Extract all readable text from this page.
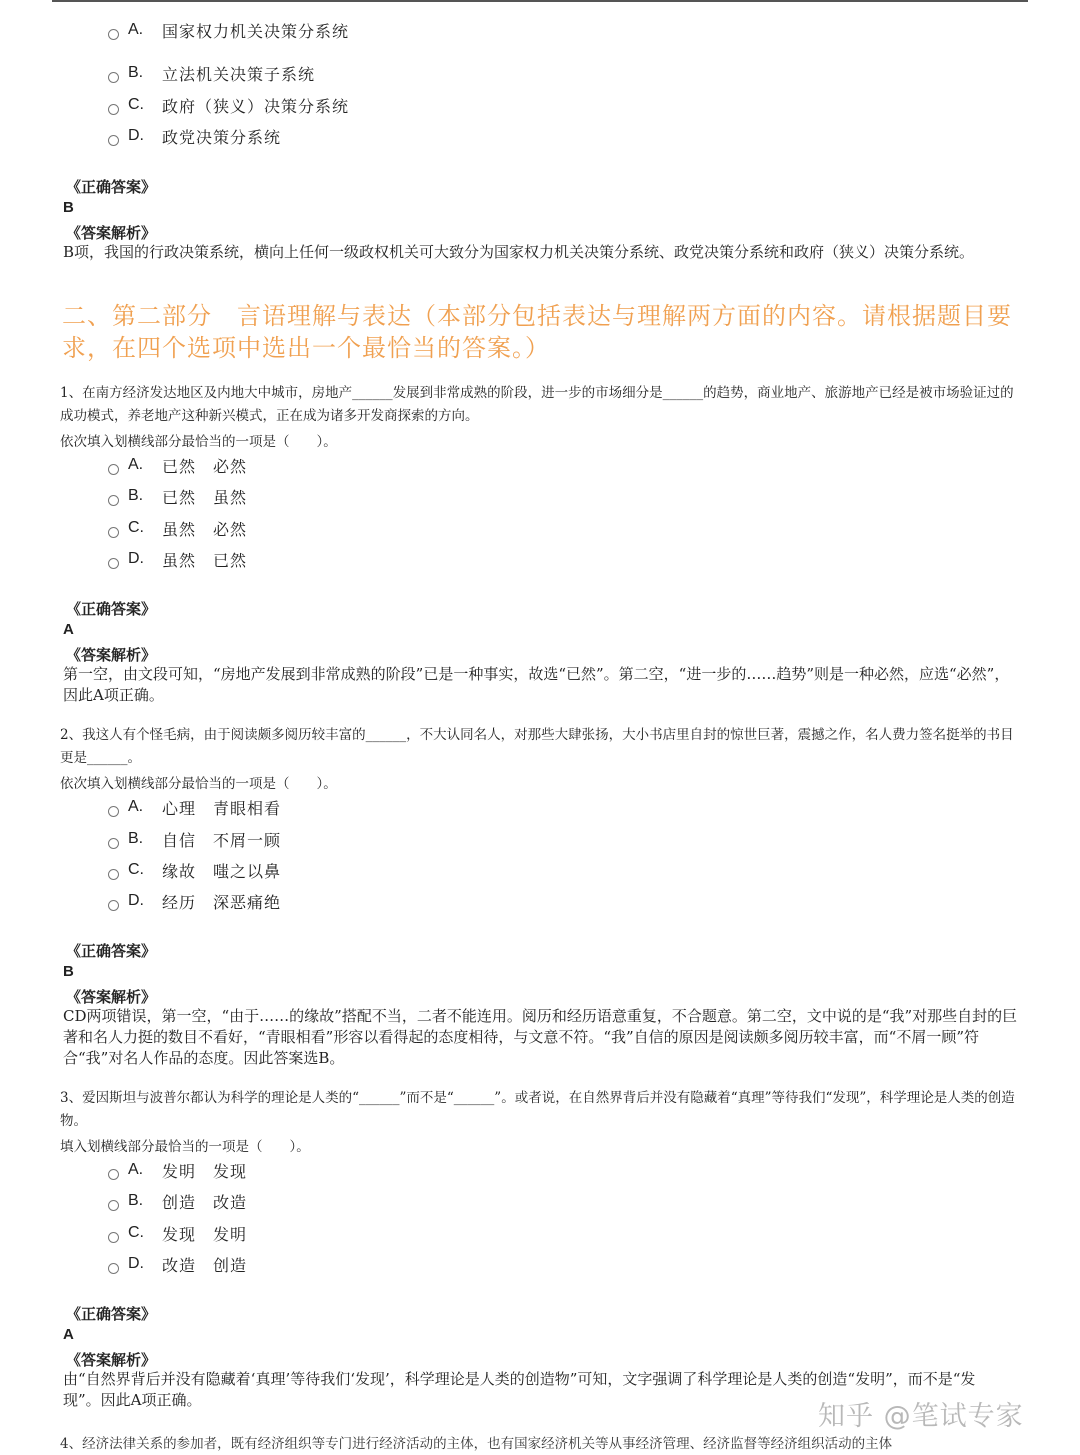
A.	国家权力机关决策分系统
B.	立法机关决策子系统
C.	政府（狭义）决策分系统
D.	政党决策分系统
《正确答案》
B
《答案解析》
B项，我国的行政决策系统，横向上任何一级政权机关可大致分为国家权力机关决策分系统、政党决策分系统和政府（狭义）决策分系统。
二、第二部分　言语理解与表达（本部分包括表达与理解两方面的内容。请根据题目要求，在四个选项中选出一个最恰当的答案。）
1、在南方经济发达地区及内地大中城市，房地产______发展到非常成熟的阶段，进一步的市场细分是______的趋势，商业地产、旅游地产已经是被市场验证过的成功模式，养老地产这种新兴模式，正在成为诸多开发商探索的方向。
依次填入划横线部分最恰当的一项是（　　）。
A.	已然　必然
B.	已然　虽然
C.	虽然　必然
D.	虽然　已然
《正确答案》
A
《答案解析》
第一空，由文段可知，“房地产发展到非常成熟的阶段”已是一种事实，故选“已然”。第二空，“进一步的……趋势”则是一种必然，应选“必然”，因此A项正确。
2、我这人有个怪毛病，由于阅读颇多阅历较丰富的______，不大认同名人，对那些大肆张扬，大小书店里自封的惊世巨著，震撼之作，名人费力签名挺举的书目更是______。
依次填入划横线部分最恰当的一项是（　　）。
A.	心理　青眼相看
B.	自信　不屑一顾
C.	缘故　嗤之以鼻
D.	经历　深恶痛绝
《正确答案》
B
《答案解析》
CD两项错误，第一空，“由于……的缘故”搭配不当，二者不能连用。阅历和经历语意重复，不合题意。第二空，文中说的是“我”对那些自封的巨著和名人力挺的数目不看好，“青眼相看”形容以看得起的态度相待，与文意不符。“我”自信的原因是阅读颇多阅历较丰富，而“不屑一顾”符合“我”对名人作品的态度。因此答案选B。
3、爱因斯坦与波普尔都认为科学的理论是人类的“______”而不是“______”。或者说，在自然界背后并没有隐藏着“真理”等待我们“发现”，科学理论是人类的创造物。
填入划横线部分最恰当的一项是（　　）。
A.	发明　发现
B.	创造　改造
C.	发现　发明
D.	改造　创造
《正确答案》
A
《答案解析》
由“自然界背后并没有隐藏着‘真理’等待我们‘发现’，科学理论是人类的创造物”可知，文字强调了科学理论是人类的创造“发明”，而不是“发现”。因此A项正确。
4、经济法律关系的参加者，既有经济组织等专门进行经济活动的主体，也有国家经济机关等从事经济管理、经济监督等经济组织活动的主体
知乎 @笔试专家
